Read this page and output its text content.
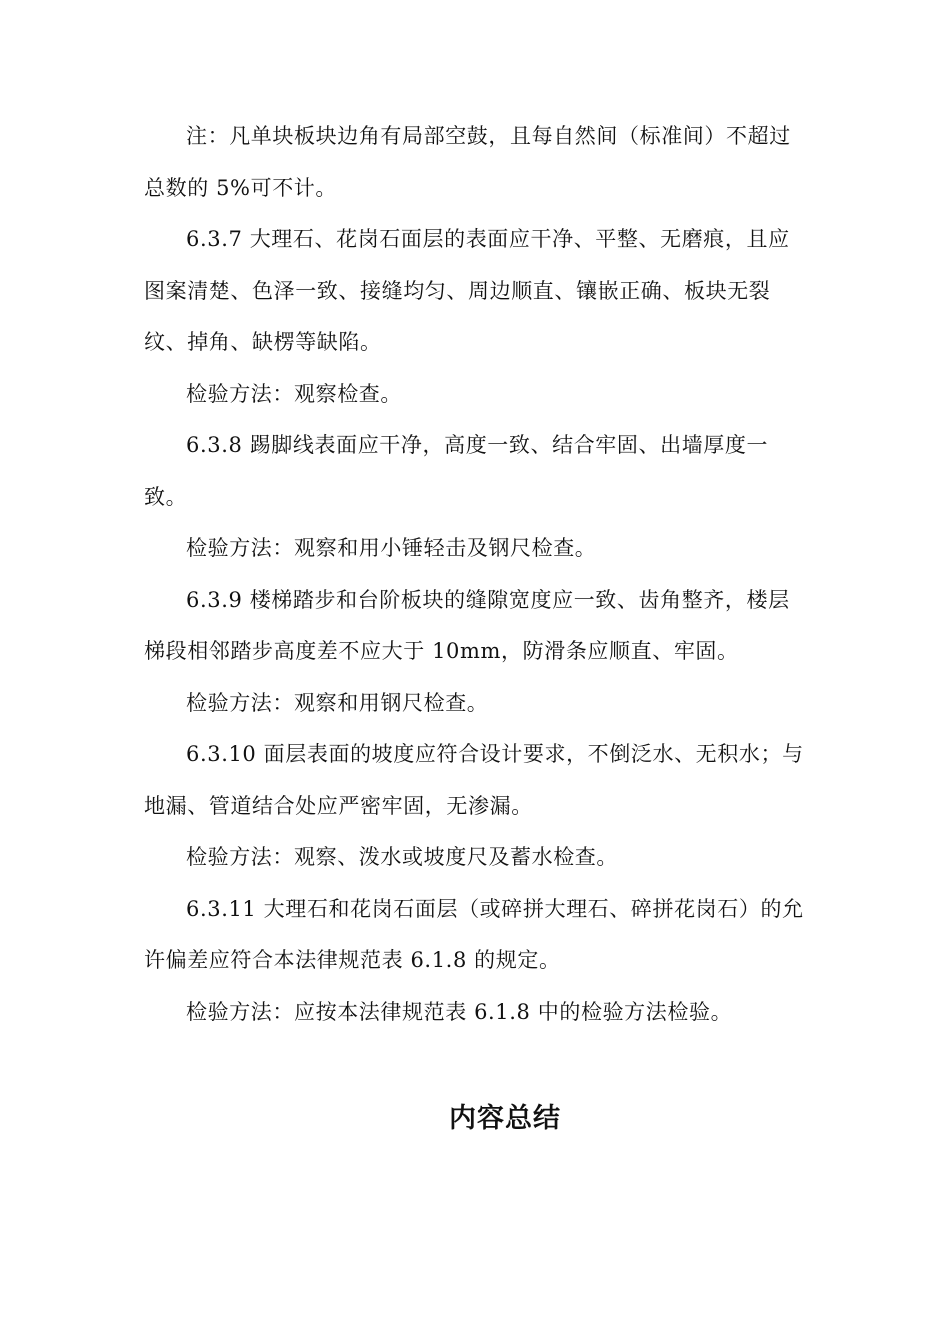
注：凡单块板块边角有局部空鼓，且每自然间（标准间）不超过总数的 5%可不计。

6.3.7 大理石、花岗石面层的表面应干净、平整、无磨痕，且应图案清楚、色泽一致、接缝均匀、周边顺直、镶嵌正确、板块无裂纹、掉角、缺楞等缺陷。

检验方法：观察检查。

6.3.8 踢脚线表面应干净，高度一致、结合牢固、出墙厚度一致。

检验方法：观察和用小锤轻击及钢尺检查。

6.3.9 楼梯踏步和台阶板块的缝隙宽度应一致、齿角整齐，楼层梯段相邻踏步高度差不应大于 10mm，防滑条应顺直、牢固。

检验方法：观察和用钢尺检查。

6.3.10 面层表面的坡度应符合设计要求，不倒泛水、无积水；与地漏、管道结合处应严密牢固，无渗漏。

检验方法：观察、泼水或坡度尺及蓄水检查。

6.3.11 大理石和花岗石面层（或碎拼大理石、碎拼花岗石）的允许偏差应符合本法律规范表 6.1.8 的规定。

检验方法：应按本法律规范表 6.1.8 中的检验方法检验。

内容总结
